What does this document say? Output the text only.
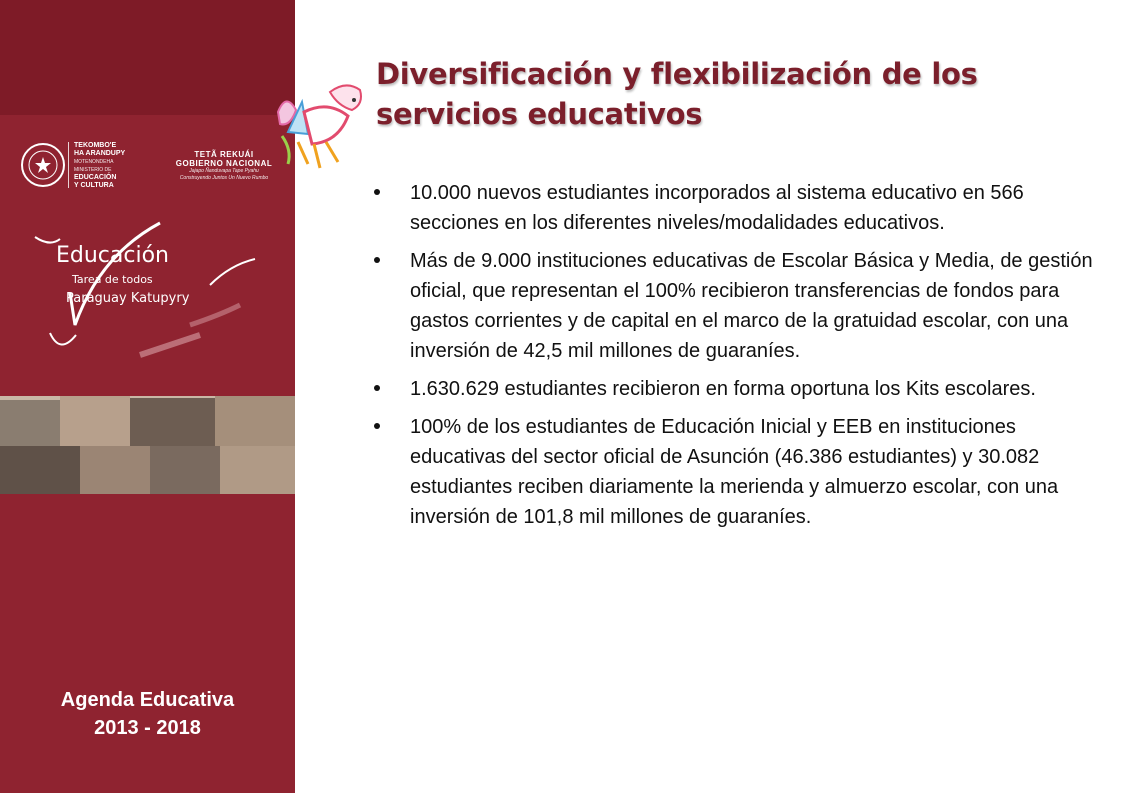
TEKOMBO'E
HA ARANDUPY
MOTENONDEHA
MINISTERIO DE
EDUCACIÓN
Y CULTURA
TETÃ REKUÁI
GOBIERNO NACIONAL
Jajapo Ñanduvapa Tape Pyahu
Construyendo Juntos Un Nuevo Rumbo
Educación
Tarea de todos
Paraguay Katupyry
Agenda Educativa
2013 - 2018
Diversificación y flexibilización de los servicios educativos
10.000 nuevos estudiantes incorporados al sistema educativo en 566 secciones en los diferentes niveles/modalidades educativos.
Más de 9.000 instituciones educativas de Escolar Básica y Media, de gestión oficial, que representan el 100% recibieron transferencias de fondos para gastos corrientes y de capital en el marco de la gratuidad escolar, con una inversión de 42,5 mil millones de guaraníes.
1.630.629 estudiantes recibieron en forma oportuna los Kits escolares.
100% de los estudiantes de Educación Inicial y EEB en instituciones educativas del sector oficial de Asunción (46.386 estudiantes) y 30.082 estudiantes reciben diariamente la merienda y almuerzo escolar, con una inversión de 101,8 mil millones de guaraníes.
